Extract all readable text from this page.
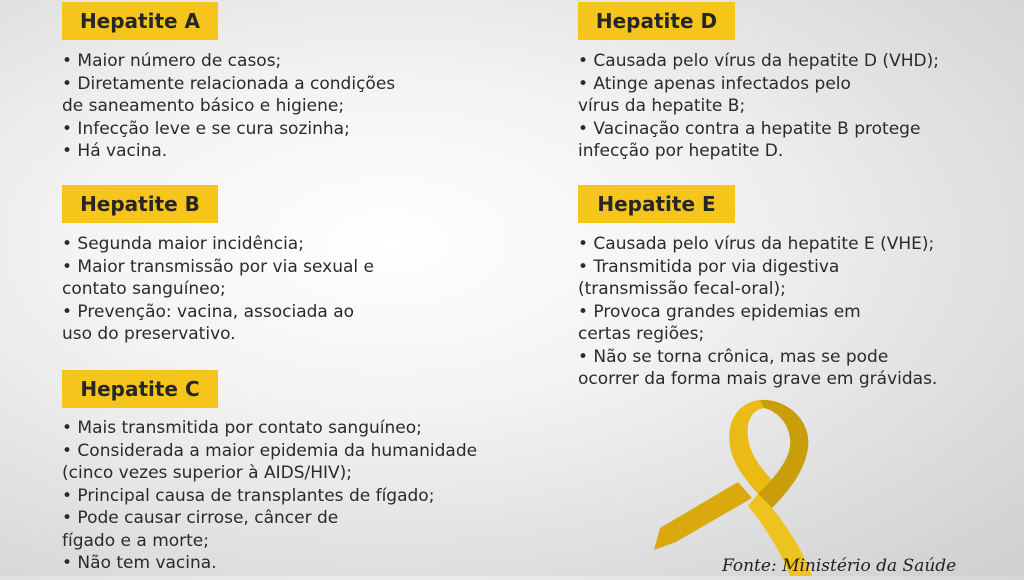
Hepatite A
• Maior número de casos;
• Diretamente relacionada a condições
de saneamento básico e higiene;
• Infecção leve e se cura sozinha;
• Há vacina.
Hepatite B
• Segunda maior incidência;
• Maior transmissão por via sexual e
contato sanguíneo;
• Prevenção: vacina, associada ao
uso do preservativo.
Hepatite C
• Mais transmitida por contato sanguíneo;
• Considerada a maior epidemia da humanidade
(cinco vezes superior à AIDS/HIV);
• Principal causa de transplantes de fígado;
• Pode causar cirrose, câncer de
fígado e a morte;
• Não tem vacina.
Hepatite D
• Causada pelo vírus da hepatite D (VHD);
• Atinge apenas infectados pelo
vírus da hepatite B;
• Vacinação contra a hepatite B protege
infecção por hepatite D.
Hepatite E
• Causada pelo vírus da hepatite E (VHE);
• Transmitida por via digestiva
(transmissão fecal-oral);
• Provoca grandes epidemias em
certas regiões;
• Não se torna crônica, mas se pode
ocorrer da forma mais grave em grávidas.
Fonte: Ministério da Saúde
